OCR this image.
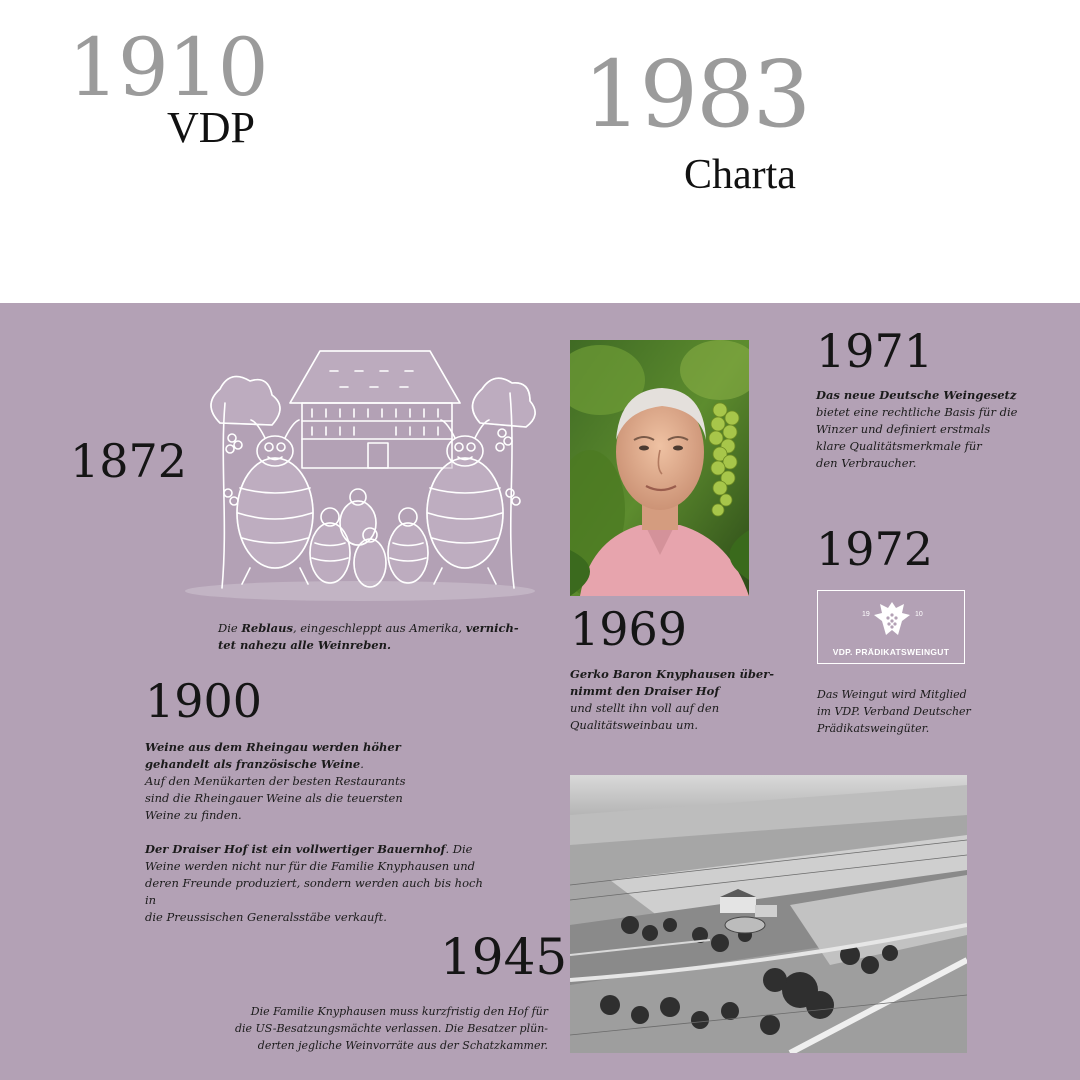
1910
VDP	1983
Charta
1872
Die Reblaus, eingeschleppt aus Amerika, vernich-
tet nahezu alle Weinreben.
1900
Weine aus dem Rheingau werden höher
gehandelt als französische Weine.
Auf den Menükarten der besten Restaurants
sind die Rheingauer Weine als die teuersten
Weine zu finden.
Der Draiser Hof ist ein vollwertiger Bauernhof. Die
Weine werden nicht nur für die Familie Knyphausen und
deren Freunde produziert, sondern werden auch bis hoch in
die Preussischen Generalsstäbe verkauft.
1945
Die Familie Knyphausen muss kurzfristig den Hof für
die US-Besatzungsmächte verlassen. Die Besatzer plün-
derten jegliche Weinvorräte aus der Schatzkammer.
1969
Gerko Baron Knyphausen über-
nimmt den Draiser Hof
und stellt ihn voll auf den
Qualitätsweinbau um.
1971
Das neue Deutsche Weingesetz
bietet eine rechtliche Basis für die
Winzer und definiert erstmals
klare Qualitätsmerkmale für
den Verbraucher.
1972
19	10
VDP. PRÄDIKATSWEINGUT
Das Weingut wird Mitglied
im VDP. Verband Deutscher
Prädikatsweingüter.
